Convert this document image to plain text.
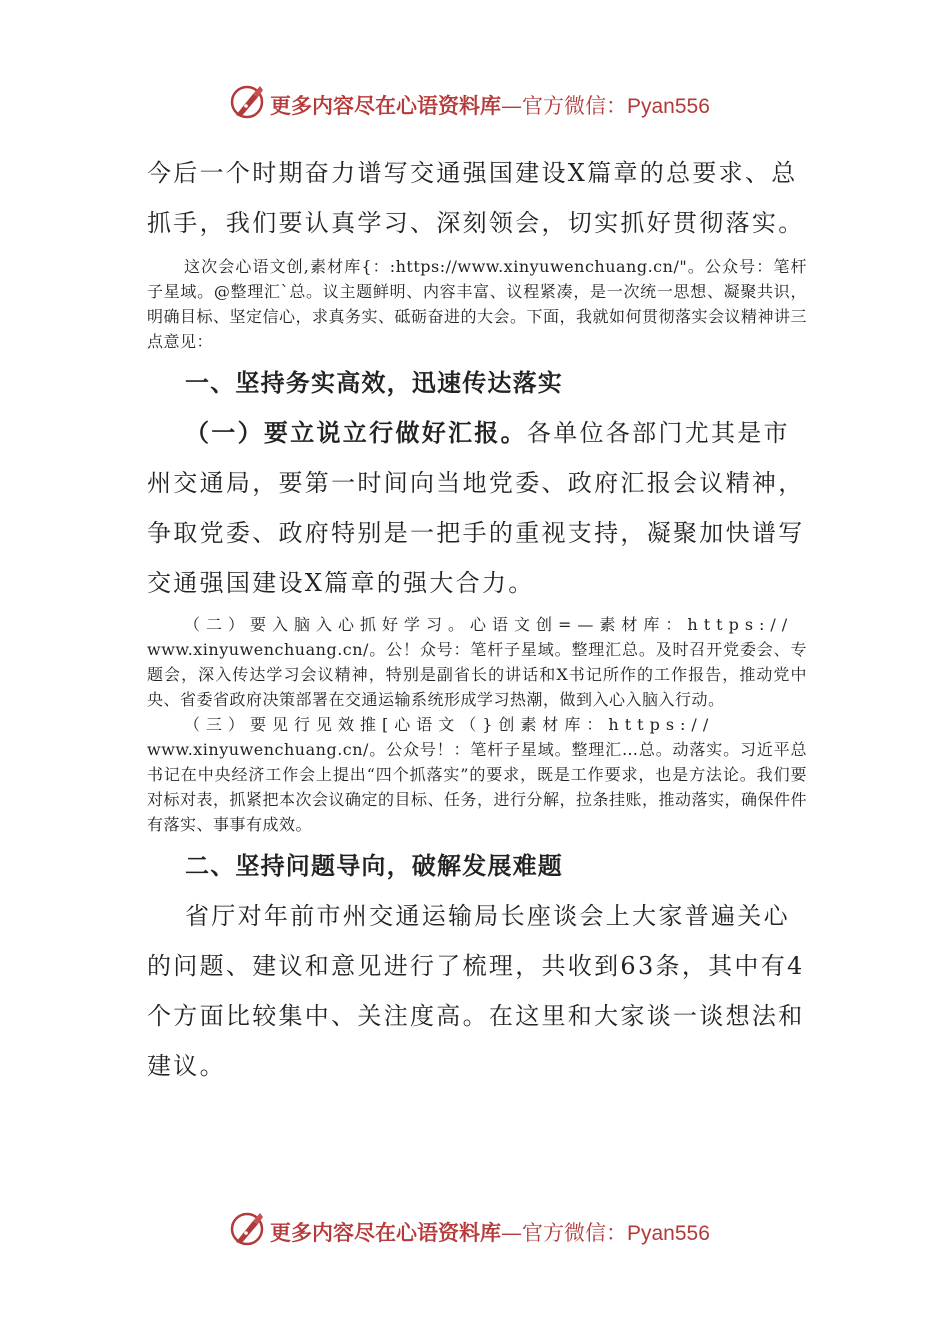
更多内容尽在心语资料库—官方微信：Pyan556

今后一个时期奋力谱写交通强国建设X篇章的总要求、总抓手，我们要认真学习、深刻领会，切实抓好贯彻落实。

这次会心语文创,素材库{：:https://www.xinyuwenchuang.cn/"。公众号：笔杆子星域。@整理汇`总。议主题鲜明、内容丰富、议程紧凑，是一次统一思想、凝聚共识，明确目标、坚定信心，求真务实、砥砺奋进的大会。下面，我就如何贯彻落实会议精神讲三点意见：

一、坚持务实高效，迅速传达落实

（一）要立说立行做好汇报。各单位各部门尤其是市州交通局，要第一时间向当地党委、政府汇报会议精神，争取党委、政府特别是一把手的重视支持，凝聚加快谱写交通强国建设X篇章的强大合力。

（二）要入脑入心抓好学习。心语文创=—素材库：https://

www.xinyuwenchuang.cn/。公！众号：笔杆子星域。整理汇总。及时召开党委会、专题会，深入传达学习会议精神，特别是副省长的讲话和X书记所作的工作报告，推动党中央、省委省政府决策部署在交通运输系统形成学习热潮，做到入心入脑入行动。

（三）要见行见效推[心语文（}创素材库：https://

www.xinyuwenchuang.cn/。公众号！：笔杆子星域。整理汇…总。动落实。习近平总书记在中央经济工作会上提出“四个抓落实”的要求，既是工作要求，也是方法论。我们要对标对表，抓紧把本次会议确定的目标、任务，进行分解，拉条挂账，推动落实，确保件件有落实、事事有成效。

二、坚持问题导向，破解发展难题

省厅对年前市州交通运输局长座谈会上大家普遍关心的问题、建议和意见进行了梳理，共收到63条，其中有4个方面比较集中、关注度高。在这里和大家谈一谈想法和建议。

更多内容尽在心语资料库—官方微信：Pyan556
